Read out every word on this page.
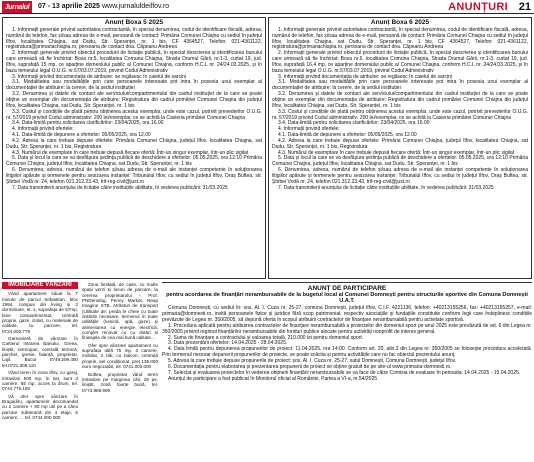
Jurnalul	07 - 13 aprilie 2025 www.jurnaluldeilfov.ro	ANUNȚURI 21
Anunț Boxa 5 2025

1. Informații generale privind autoritatea contractantă, în special denumirea, codul de identificare fiscală, adresa, numărul de telefon, fax și/sau adresa de e-mail, persoană de contact: Primăria Comunei Chiajna cu sediul în județul Ilfov, localitatea Chiajna, sat Dudu, Str. Speranței, nr. 1 bis, CF 4364527, Telefon: 021-4361122, registratura@primariachiajna.ro, persoana de contact dna. Căpeanu Andreea

2. Informații generale privind obiectul procedurii de licitație publică, în special descrierea și identificarea bunului care urmează să fie închiriat: Boxa nr.5, localitatea Comuna Chiajna, Strada Drumul Gării, nr.1-3, curtat 19, jud. Ilfov, suprafață 15 mp, ce aparține domeniului public al Comunei Chiajna, conform H.C.L nr. 24/24.03.2025, și în baza temeiului legal O.U.G. nr.57/03.07.2019, privind Codul Administrativ

3. Informații privind documentația de atribuire: se regăsesc în caietul de sarcini

3.1. Modalitatea sau modalitățile prin care persoanele interesate pot intra în posesia unui exemplar al documentației de atribuire: la cerere, de la sediul instituției

3.2. Denumirea și datele de contact ale serviciului/compartimentului din cadrul instituției de la care se poate obține un exemplar din documentația de atribuire: Registratura din cadrul primăriei Comunei Chiajna din județul Ilfov, localitatea Chiajna, sat Dudu, Str. Speranței, nr. 1 bis

3.3. Costul și condițiile de plată pentru obținerea acestui exemplar, unde este cazul, potrivit prevederilor O.U.G. nr. 57/2019 privind Codul administrativ: 200 lei/exemplar, ce se achită la Casieria primăriei Comunei Chiajna

3.4. Data-limită pentru solicitarea clarificărilor: 23/04/2025, ora 16.00

4. Informații privind ofertele:

4.1. Data-limită de depunere a ofertelor: 05/05/2025, ora 12.00

4.2. Adresa la care trebuie depuse ofertele: Primăria Comunei Chiajna, județul Ilfov, localitatea Chiajna, sat Dudu, Str. Speranței, nr. 1 bis, Registratura

4.3. Numărul de exemplare în care trebuie depusă fiecare ofertă: Într-un singur exemplar, într-un plic sigilat

5. Data și locul la care se va desfășura ședința publică de deschidere a ofertelor: 05.05.2025, ora 12:10 Primăria Comunei Chiajna, județul Ilfov, localitatea Chiajna, sat Dudu, Str. Speranței, nr. 1 bis

6. Denumirea, adresa, numărul de telefon și/sau adresa de e-mail ale instanței competente în soluționarea litigiilor apărute și termenele pentru sesizarea instanței: Tribunalul Ilfov, cu sediul în județul Ilfov, Oraș Buftea, str. Știrbei Vodă nr. 24, telefon 021.312.23.43, trif-reg-civil@just.ro

7. Data transmiterii anunțului de licitație către instituțiile abilitate, în vederea publicării: 31/03.2025

Anunț Boxa 6 2025

1. Informații generale privind autoritatea contractantă, în special denumirea, codul de identificare fiscală, adresa, numărul de telefon, fax și/sau adresa de e-mail, persoană de contact: Primăria Comunei Chiajna cu sediul în județul Ilfov, localitatea Chiajna, sat Dudu, Str. Speranței, nr. 1 bis, CF 4364527, Telefon: 021-4361122, registratura@primariachiajna.ro, persoana de contact dna. Căpeanu Andreea

2. Informații generale privind obiectul procedurii de licitație publică, în special descrierea și identificarea bunului care urmează să fie închiriat: Boxa nr.6, localitatea Comuna Chiajna, Strada Drumul Gării, nr.1-3, curtat 19, jud. Ilfov, suprafață 16,4 mp, ce aparține domeniului public al Comunei Chiajna, conform H.C.L nr. 24/24.03.2025, și în baza temeiului legal O.U.G. nr.57/03.07.2019, privind Codul Administrativ

3. Informații privind documentația de atribuire: se regăsesc în caietul de sarcini

3.1. Modalitatea sau modalitățile prin care persoanele interesate pot intra în posesia unui exemplar al documentației de atribuire: la cerere, de la sediul instituției

3.2. Denumirea și datele de contact ale serviciului/compartimentului din cadrul instituției de la care se poate obține un exemplar din documentația de atribuire: Registratura din cadrul primăriei Comunei Chiajna din județul Ilfov, localitatea Chiajna, sat Dudu, Str. Speranței, nr. 1 bis

3.3. Costul și condițiile de plată pentru obținerea acestui exemplar, unde este cazul, potrivit prevederilor O.U.G. nr. 57/2019 privind Codul administrativ: 200 lei/exemplar, ce se achită la Casieria primăriei Comunei Chiajna

3.4. Data-limită pentru solicitarea clarificărilor: 23/04/2025, ora 16.00

4. Informații privind ofertele:

4.1. Data-limită de depunere a ofertelor: 05/05/2025, ora 12.00

4.2. Adresa la care trebuie depuse ofertele: Primăria Comunei Chiajna, județul Ilfov, localitatea Chiajna, sat Dudu, Str. Speranței, nr. 1 bis, Registratura

4.3. Numărul de exemplare în care trebuie depusă fiecare ofertă: Într-un singur exemplar, într-un plic sigilat

5. Data și locul la care se va desfășura ședința publică de deschidere a ofertelor: 05.05.2025, ora 12:10 Primăria Comunei Chiajna, județul Ilfov, localitatea Chiajna, sat Dudu, Str. Speranței, nr. 1 bis

6. Denumirea, adresa, numărul de telefon și/sau adresa de e-mail ale instanței competente în soluționarea litigiilor apărute și termenele pentru sesizarea instanței: Tribunalul Ilfov, cu sediul în județul Ilfov, Oraș Buftea, str. Știrbei Vodă nr. 24, telefon 021.312.23.43, trif-reg-civil@just.ro

7. Data transmiterii anunțului de licitație către instituțiile abilitate, în vederea publicării: 31/03.2025

IMOBILIARE VÂNZĂRI

Vând apartament situat la 7 minute de parcul Sebastian, bloc 1994, compus din living și 2 dormitoare, et. 1, suprafața de 57mp, bine compartimentat, centrală proprie, gaze, izolat, cu materiale de calitate, cu parcare, tel. 0724.000.779

Garsonieră de vânzare în Cartierul Intrarea Banului, Greea, liniștit, termopan, centrală termică, parchet, gresie, faianță, proprietar, Lujil. Bucur 0749.209.400 tel.0721.309.110

Vând teren în zona Ilfov, cu garaj, intravilan 500 mp, în sat, sunt 3 camere, 65 mp, acces la drum, tel. 0744.776.150

Vă ofer spre vânzare în Bragadiru, apartament decomandat cu 2 camere + 60 mp util pe a cărui parcare subterană din 4 etaje, 6 camere, ... tel. 0744.000.000

Zona limitată, de case, cu multe spații verzi și locuri de parcare, la cererea proprietarului - Prof. PNDenubig, Penny Market, Neap Imagine STB. Atrăsturi de transport (Utilitate de: preda le cheie cu toate dotările necesare, termenul în toate utilitățile (lumină, apă, gaze) și alimentarea cu energie electrică, complet renovat cu cu dotări și finisajele de cea mai bună calitate...

Ofer spre vânzare apartament cu suprafața utilă 75 mp, 3 camere, mobilat, 2 băi, cu balcon, centrală proprie, aer condiționat, preț 135.000 euro negociabil, tel. 0741.000.000

Buftea, proprietar vând teren intravilan pe marginea căii, 29 pe, liniștit, zonă foarte bună, tel. 0773.988.999

ANUNȚ DE PARTICIPARE
pentru acordarea de finanțări nerambursabile de la bugetul local al Comunei Domnești pentru structurile sportive din Comuna Domnești U.A.T.

Comuna Domnești, cu sediul în: sos. Al. I. Cuza nr. 25-27, comuna Domnești, județul Ilfov, C.I.F. 4221136, telefon: +40213155256, fax: +40213155257, e-mail: primaria@domnesti.ro, invită persoanele fizice și juridice fără scop patrimonial, respectiv asociațiile și fundațiile constituite conform legii care îndeplinesc condițiile prevăzute de Legea nr. 350/2005, să depună oferta în scopul atribuirii contractelor de finanțare nerambursabilă pentru activitate sportivă.

1. Procedura aplicată pentru atribuirea contractelor de finanțare nerambursabilă a proiectelor din domeniul sport pe anul 2025 este prevăzută de art. 6 din Legea nr. 350/2005 privind regimul finanțărilor nerambursabile din fonduri publice alocate pentru activități nonprofit de interes general.

2. Suma de finanțare a contractului și valoarea totală, 210.000 lei pentru domeniul sport.

3. Data prezentării ofertelor: 14.04.2025 - 28.04.2025.

4. Data limită pentru depunerea propunerilor de proiect: 11.04.2025, ora 14:00. Conform art. 20, alin.2 din Legea nr. 350/2005 se folosește procedura accelerată. Prin termenul necesar depunerii propunerilor de proiecte, se poate solicita și pentru activitățile care nu fac obiectul prezentului anunț.

5. Adresa la care trebuie depuse propunerile de proiect: șos. Al. I. Cuza nr. 25-27, satul Domnești, Comuna Domnești, județul Ilfov.

6. Documentația pentru elaborarea și prezentarea propunerii de proiect se obține gratuit de pe site-ul www.primaria-domnesti.ro.

7. Selecția și evaluarea proiectelor în vederea obținerii finanțării nerambursabile se va face de către Comisia de evaluare în perioada: 14.04.2025 - 15.04.2025.

Anunțul de participare a fost publicat în Monitorul oficial al României, Partea a VI-a, nr.54/2025
